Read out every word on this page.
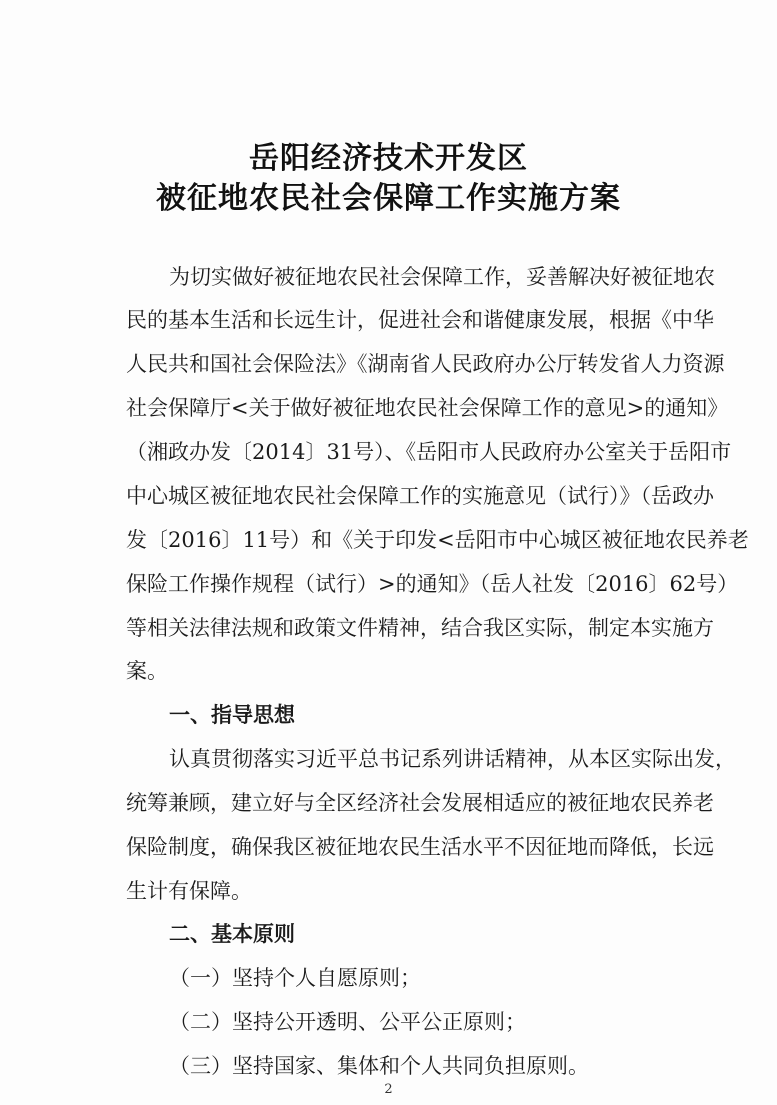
岳阳经济技术开发区
被征地农民社会保障工作实施方案
为切实做好被征地农民社会保障工作，妥善解决好被征地农
民的基本生活和长远生计，促进社会和谐健康发展，根据《中华
人民共和国社会保险法》《湖南省人民政府办公厅转发省人力资源
社会保障厅<关于做好被征地农民社会保障工作的意见>的通知》
（湘政办发〔2014〕31号）、《岳阳市人民政府办公室关于岳阳市
中心城区被征地农民社会保障工作的实施意见（试行）》（岳政办
发〔2016〕11号）和《关于印发<岳阳市中心城区被征地农民养老
保险工作操作规程（试行）>的通知》（岳人社发〔2016〕62号）
等相关法律法规和政策文件精神，结合我区实际，制定本实施方
案。
一、指导思想
认真贯彻落实习近平总书记系列讲话精神，从本区实际出发，
统筹兼顾，建立好与全区经济社会发展相适应的被征地农民养老
保险制度，确保我区被征地农民生活水平不因征地而降低，长远
生计有保障。
二、基本原则
（一）坚持个人自愿原则；
（二）坚持公开透明、公平公正原则；
（三）坚持国家、集体和个人共同负担原则。
2
